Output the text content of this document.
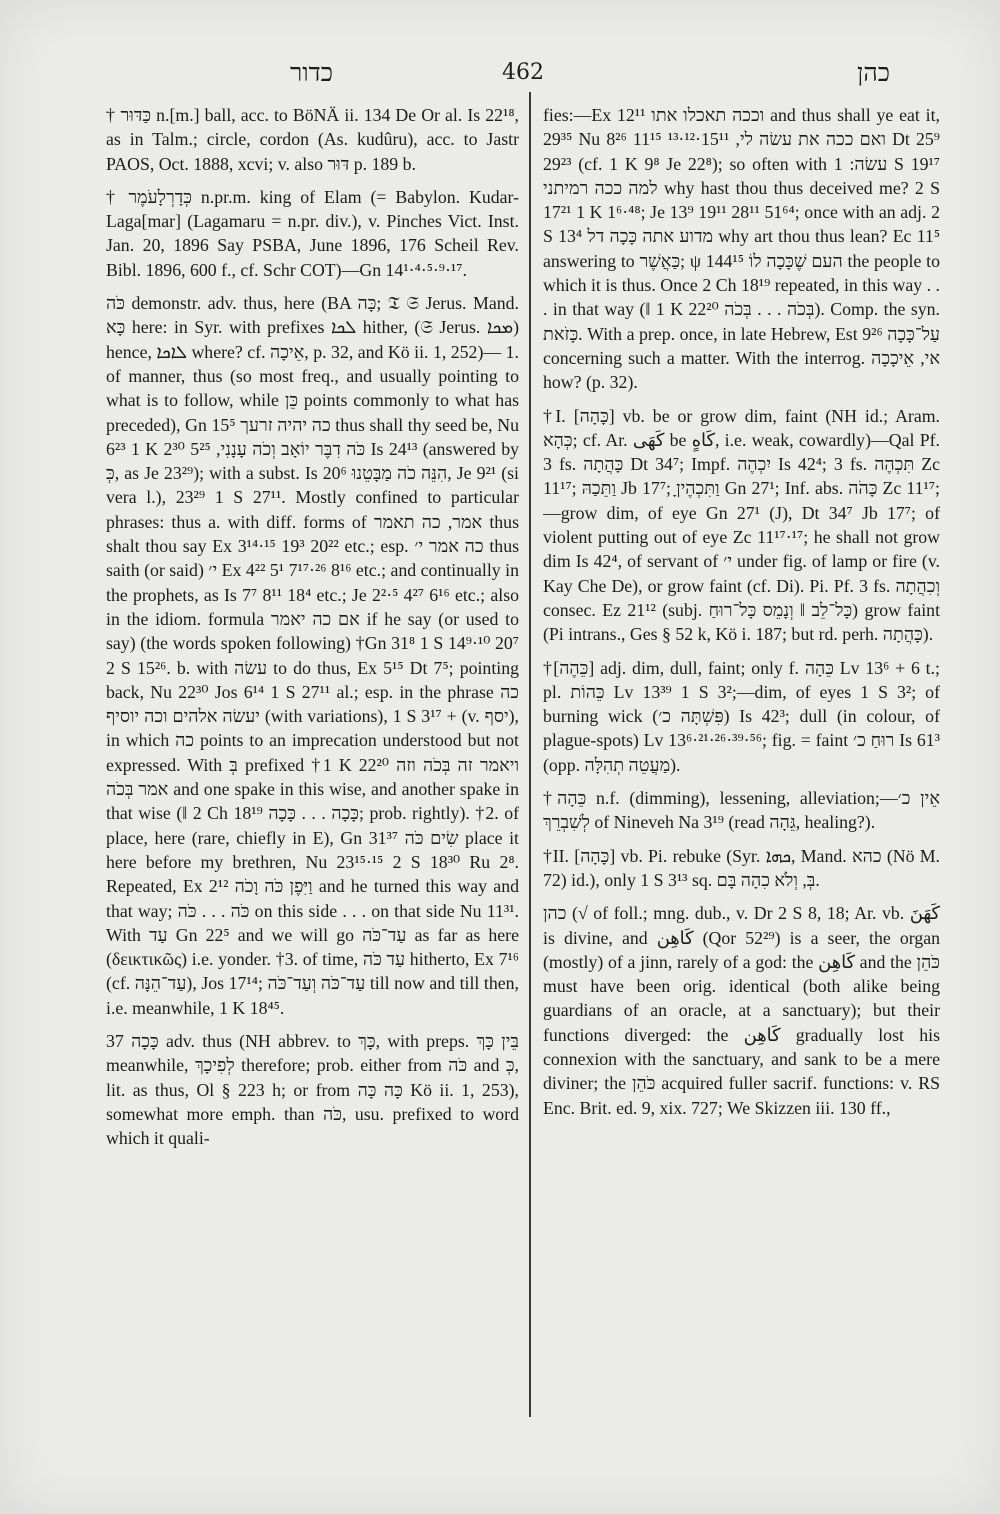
כדור	462	כהן

† כַּדּוּר n.[m.] ball, acc. to BöNÄ ii. 134 De Or al. Is 22¹⁸, as in Talm.; circle, cordon (As. kudûru), acc. to Jastr PAOS, Oct. 1888, xcvi; v. also דּוּר p. 189 b.

† כְּדָרְלָעֹמֶר n.pr.m. king of Elam (= Babylon. Kudar-Laga[mar] (Lagamaru = n.pr. div.), v. Pinches Vict. Inst. Jan. 20, 1896 Say PSBA, June 1896, 176 Scheil Rev. Bibl. 1896, 600 f., cf. Schr COT)—Gn 14¹·⁴·⁵·⁹·¹⁷.

כֹּה demonstr. adv. thus, here (BA כָּה; 𝔗 𝔖 Jerus. Mand. כָּא here: in Syr. with prefixes ܠܟܐ hither, (𝔖 Jerus. ܡܟܐ) hence, ܠܐܟܐ where? cf. אֵיכָה, p. 32, and Kö ii. 1, 252)— 1. of manner, thus (so most freq., and usually pointing to what is to follow, while כֵּן points commonly to what has preceded), Gn 15⁵ כה יהיה זרעך thus shall thy seed be, Nu 6²³ 1 K 2³⁰ כֹּה דִבֶּר יוֹאָב וְכֹה עָנָנִי, 5²⁵ Is 24¹³ (answered by כְּ, as Je 23²⁹); with a subst. Is 20⁶ הִנֵּה כֹה מַבָּטֵנוּ, Je 9²¹ (si vera l.), 23²⁹ 1 S 27¹¹. Mostly confined to particular phrases: thus a. with diff. forms of אמר, כה תאמר thus shalt thou say Ex 3¹⁴·¹⁵ 19³ 20²² etc.; esp. כה אמר י׳ thus saith (or said) י׳ Ex 4²² 5¹ 7¹⁷·²⁶ 8¹⁶ etc.; and continually in the prophets, as Is 7⁷ 8¹¹ 18⁴ etc.; Je 2²·⁵ 4²⁷ 6¹⁶ etc.; also in the idiom. formula אם כה יאמר if he say (or used to say) (the words spoken following) †Gn 31⁸ 1 S 14⁹·¹⁰ 20⁷ 2 S 15²⁶. b. with עשׂה to do thus, Ex 5¹⁵ Dt 7⁵; pointing back, Nu 22³⁰ Jos 6¹⁴ 1 S 27¹¹ al.; esp. in the phrase כה יעשׂה אלהים וכה יוסיף (with variations), 1 S 3¹⁷ + (v. יסף), in which כה points to an imprecation understood but not expressed. With בְּ prefixed †1 K 22²⁰ ויאמר זה בְּכֹה וזה אמר בְּכֹה and one spake in this wise, and another spake in that wise (‖ 2 Ch 18¹⁹ כָּכָה . . . כָּכָה; prob. rightly). †2. of place, here (rare, chiefly in E), Gn 31³⁷ שִׂים כֹּה place it here before my brethren, Nu 23¹⁵·¹⁵ 2 S 18³⁰ Ru 2⁸. Repeated, Ex 2¹² וַיִּפֶן כֹּה וָכֹה and he turned this way and that way; כֹּה . . . כֹּה on this side . . . on that side Nu 11³¹. With עַד Gn 22⁵ and we will go עַד־כֹּה as far as here (δεικτικῶς) i.e. yonder. †3. of time, עַד כֹּה hitherto, Ex 7¹⁶ (cf. עַד־הֵנָּה), Jos 17¹⁴; עַד־כֹּה וְעַד־כֹּה till now and till then, i.e. meanwhile, 1 K 18⁴⁵.

כָּכָה 37 adv. thus (NH abbrev. to כָּךְ, with preps. בֵּין כָּךְ meanwhile, לְפִיכָךְ therefore; prob. either from כֹּה and כְּ, lit. as thus, Ol § 223 h; or from כָּה כָּה Kö ii. 1, 253), somewhat more emph. than כֹּה, usu. prefixed to word which it quali-

fies:—Ex 12¹¹ וככה תאכלו אתו and thus shall ye eat it, 29³⁵ Nu 8²⁶ 11¹⁵ ואם ככה את עשׂה לי, 15¹¹·¹²·¹³ Dt 25⁹ 29²³ (cf. 1 K 9⁸ Je 22⁸); so often with עשׂה: 1 S 19¹⁷ למה ככה רמיתני why hast thou thus deceived me? 2 S 17²¹ 1 K 1⁶·⁴⁸; Je 13⁹ 19¹¹ 28¹¹ 51⁶⁴; once with an adj. 2 S 13⁴ מדוע אתה כָּכָה דל why art thou thus lean? Ec 11⁵ answering to כַּאֲשֶׁר; ψ 144¹⁵ העם שֶׁכָּכָה לוֹ the people to which it is thus. Once 2 Ch 18¹⁹ repeated, in this way . . . in that way (‖ 1 K 22²⁰ בְּכֹה . . . בְּכֹה). Comp. the syn. כָּזֹאת. With a prep. once, in late Hebrew, Est 9²⁶ עַל־כָּכָה concerning such a matter. With the interrog. אי, אֵיכָכָה how? (p. 32).

†I. [כָּהָה] vb. be or grow dim, faint (NH id.; Aram. כְּהָא; cf. Ar. كَهَى be كَاهٍ, i.e. weak, cowardly)—Qal Pf. 3 fs. כָּהֲתָה Dt 34⁷; Impf. יִכְהֶה Is 42⁴; 3 fs. תִּכְהֶה Zc 11¹⁷; וַתֵּכַהּ Jb 17⁷; וַתִּכְהֶיןָ Gn 27¹; Inf. abs. כָּהֹה Zc 11¹⁷;—grow dim, of eye Gn 27¹ (J), Dt 34⁷ Jb 17⁷; of violent putting out of eye Zc 11¹⁷·¹⁷; he shall not grow dim Is 42⁴, of servant of י׳ under fig. of lamp or fire (v. Kay Che De), or grow faint (cf. Di). Pi. Pf. 3 fs. וְכִהֲתָה consec. Ez 21¹² (subj. כָּל־לֵב ‖ וְנָמֵס כָּל־רוּחַ) grow faint (Pi intrans., Ges § 52 k, Kö i. 187; but rd. perh. כָּהֲתָה).

†[כֵּהֶה] adj. dim, dull, faint; only f. כֵּהָה Lv 13⁶ + 6 t.; pl. כֵּהוֹת Lv 13³⁹ 1 S 3²;—dim, of eyes 1 S 3²; of burning wick (פִּשְׁתָּה כ׳) Is 42³; dull (in colour, of plague-spots) Lv 13⁶·²¹·²⁶·³⁹·⁵⁶; fig. = faint רוּחַ כ׳ Is 61³ (opp. מַעֲטֵה תְהִלָּה).

†כֵּהָה n.f. (dimming), lessening, alleviation;—אֵין כ׳ לְשִׁבְרֵךְ of Nineveh Na 3¹⁹ (read גֵּהָה, healing?).

†II. [כָּהָה] vb. Pi. rebuke (Syr. ܟܗܐ, Mand. כהא (Nö M. 72) id.), only 1 S 3¹³ sq. בְּ, וְלֹא כִהָה בָּם.

כהן (√ of foll.; mng. dub., v. Dr 2 S 8, 18; Ar. vb. كَهَنَ is divine, and كَاهِن (Qor 52²⁹) is a seer, the organ (mostly) of a jinn, rarely of a god: the كَاهِن and the כֹּהֵן must have been orig. identical (both alike being guardians of an oracle, at a sanctuary); but their functions diverged: the كَاهِن gradually lost his connexion with the sanctuary, and sank to be a mere diviner; the כֹּהֵן acquired fuller sacrif. functions: v. RS Enc. Brit. ed. 9, xix. 727; We Skizzen iii. 130 ff.,
